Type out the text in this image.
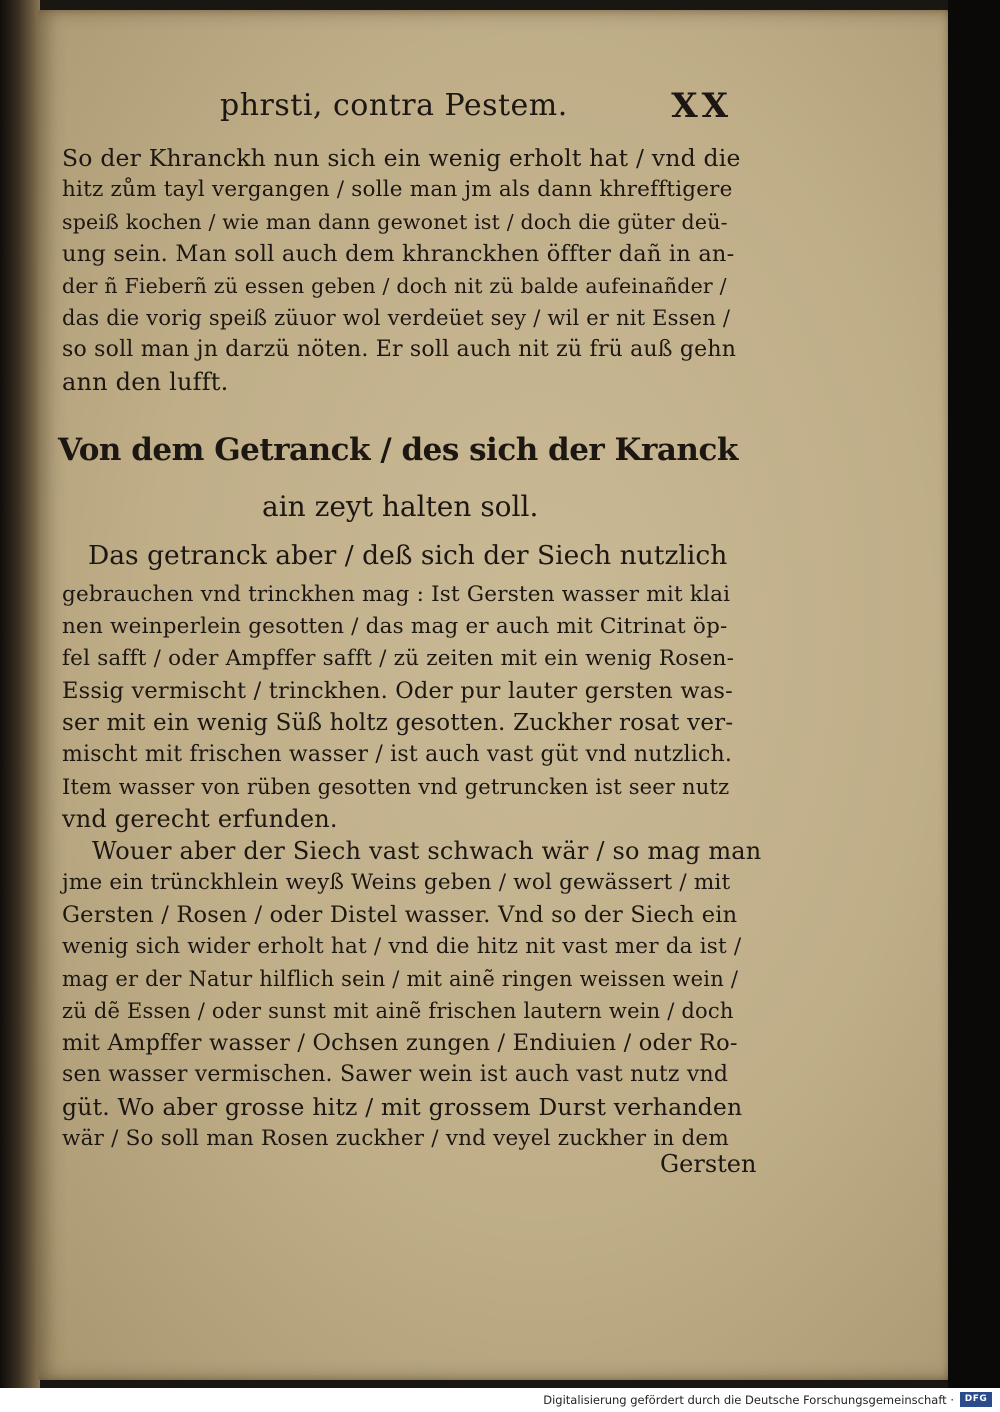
phrsti, contra Pestem.	XX
So der Khranckh nun sich ein wenig erholt hat / vnd die
hitz zům tayl vergangen / solle man jm als dann khrefftigere
speiß kochen / wie man dann gewonet ist / doch die güter deü-
ung sein. Man soll auch dem khranckhen öffter dañ in an-
der ñ Fieberñ zü essen geben / doch nit zü balde aufeinañder /
das die vorig speiß züuor wol verdeüet sey / wil er nit Essen /
so soll man jn darzü nöten. Er soll auch nit zü frü auß gehn
ann den lufft.
Von dem Getranck / des sich der Kranck
ain zeyt halten soll.
Das getranck aber / deß sich der Siech nutzlich
gebrauchen vnd trinckhen mag : Ist Gersten wasser mit klai
nen weinperlein gesotten / das mag er auch mit Citrinat öp-
fel safft / oder Ampffer safft / zü zeiten mit ein wenig Rosen-
Essig vermischt / trinckhen. Oder pur lauter gersten was-
ser mit ein wenig Süß holtz gesotten. Zuckher rosat ver-
mischt mit frischen wasser / ist auch vast güt vnd nutzlich.
Item wasser von rüben gesotten vnd getruncken ist seer nutz
vnd gerecht erfunden.
Wouer aber der Siech vast schwach wär / so mag man
jme ein trünckhlein weyß Weins geben / wol gewässert / mit
Gersten / Rosen / oder Distel wasser. Vnd so der Siech ein
wenig sich wider erholt hat / vnd die hitz nit vast mer da ist /
mag er der Natur hilflich sein / mit ainẽ ringen weissen wein /
zü dẽ Essen / oder sunst mit ainẽ frischen lautern wein / doch
mit Ampffer wasser / Ochsen zungen / Endiuien / oder Ro-
sen wasser vermischen. Sawer wein ist auch vast nutz vnd
güt. Wo aber grosse hitz / mit grossem Durst verhanden
wär / So soll man Rosen zuckher / vnd veyel zuckher in dem
Gersten
Digitalisierung gefördert durch die Deutsche Forschungsgemeinschaft ·	DFG
